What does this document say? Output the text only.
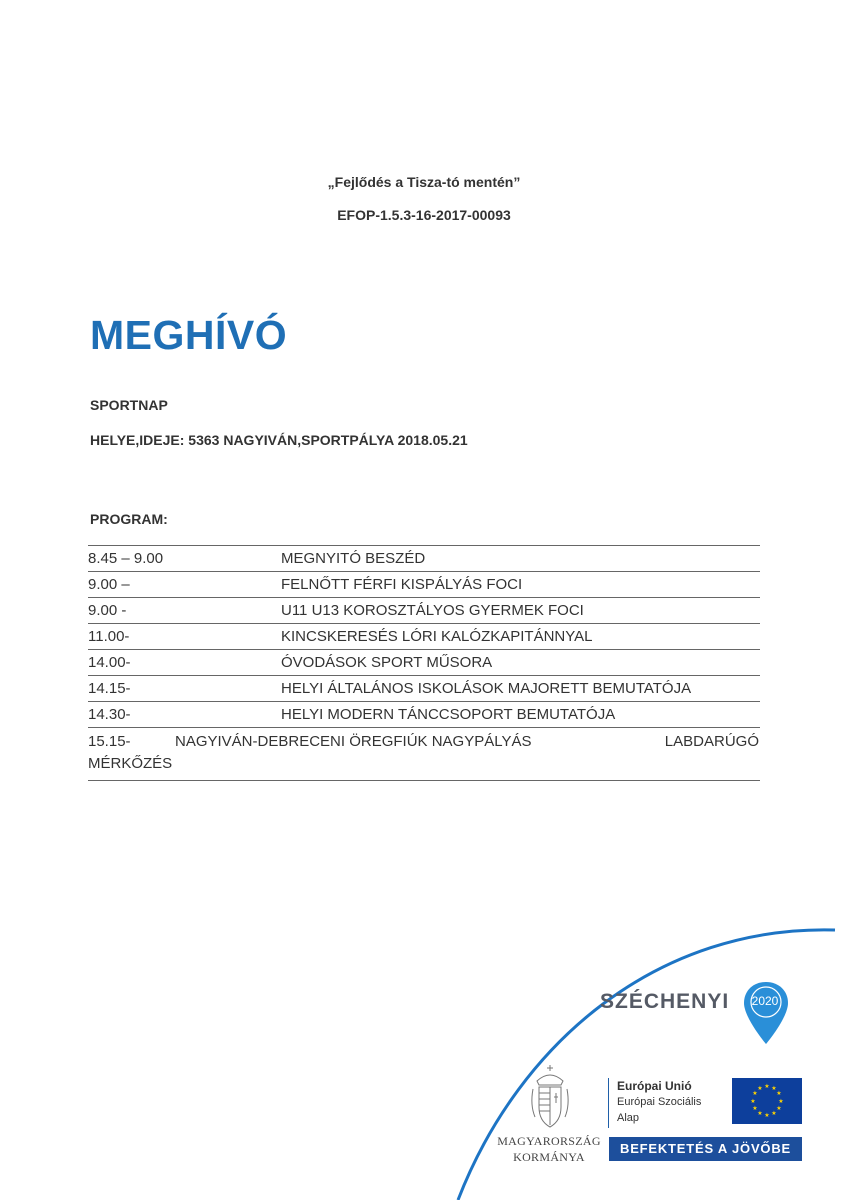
„Fejlődés a Tisza-tó mentén”
EFOP-1.5.3-16-2017-00093
MEGHÍVÓ
SPORTNAP
HELYE,IDEJE: 5363 NAGYIVÁN,SPORTPÁLYA 2018.05.21
PROGRAM:
8.45 – 9.00	MEGNYITÓ BESZÉD
9.00 –	FELNŐTT FÉRFI KISPÁLYÁS FOCI
9.00 -	U11 U13 KOROSZTÁLYOS GYERMEK FOCI
11.00-	KINCSKERESÉS LÓRI KALÓZKAPITÁNNYAL
14.00-	ÓVODÁSOK SPORT MŰSORA
14.15-	HELYI ÁLTALÁNOS ISKOLÁSOK MAJORETT BEMUTATÓJA
14.30-	HELYI MODERN TÁNCCSOPORT BEMUTATÓJA
15.15-	NAGYIVÁN-DEBRECENI ÖREGFIÚK NAGYPÁLYÁS	LABDARÚGÓ
MÉRKŐZÉS
SZÉCHENYI	2020
MAGYARORSZÁG
KORMÁNYA
Európai Unió
Európai Szociális
Alap
★ ★
★
★
★
★
★
★
★
★
★
★
BEFEKTETÉS A JÖVŐBE
